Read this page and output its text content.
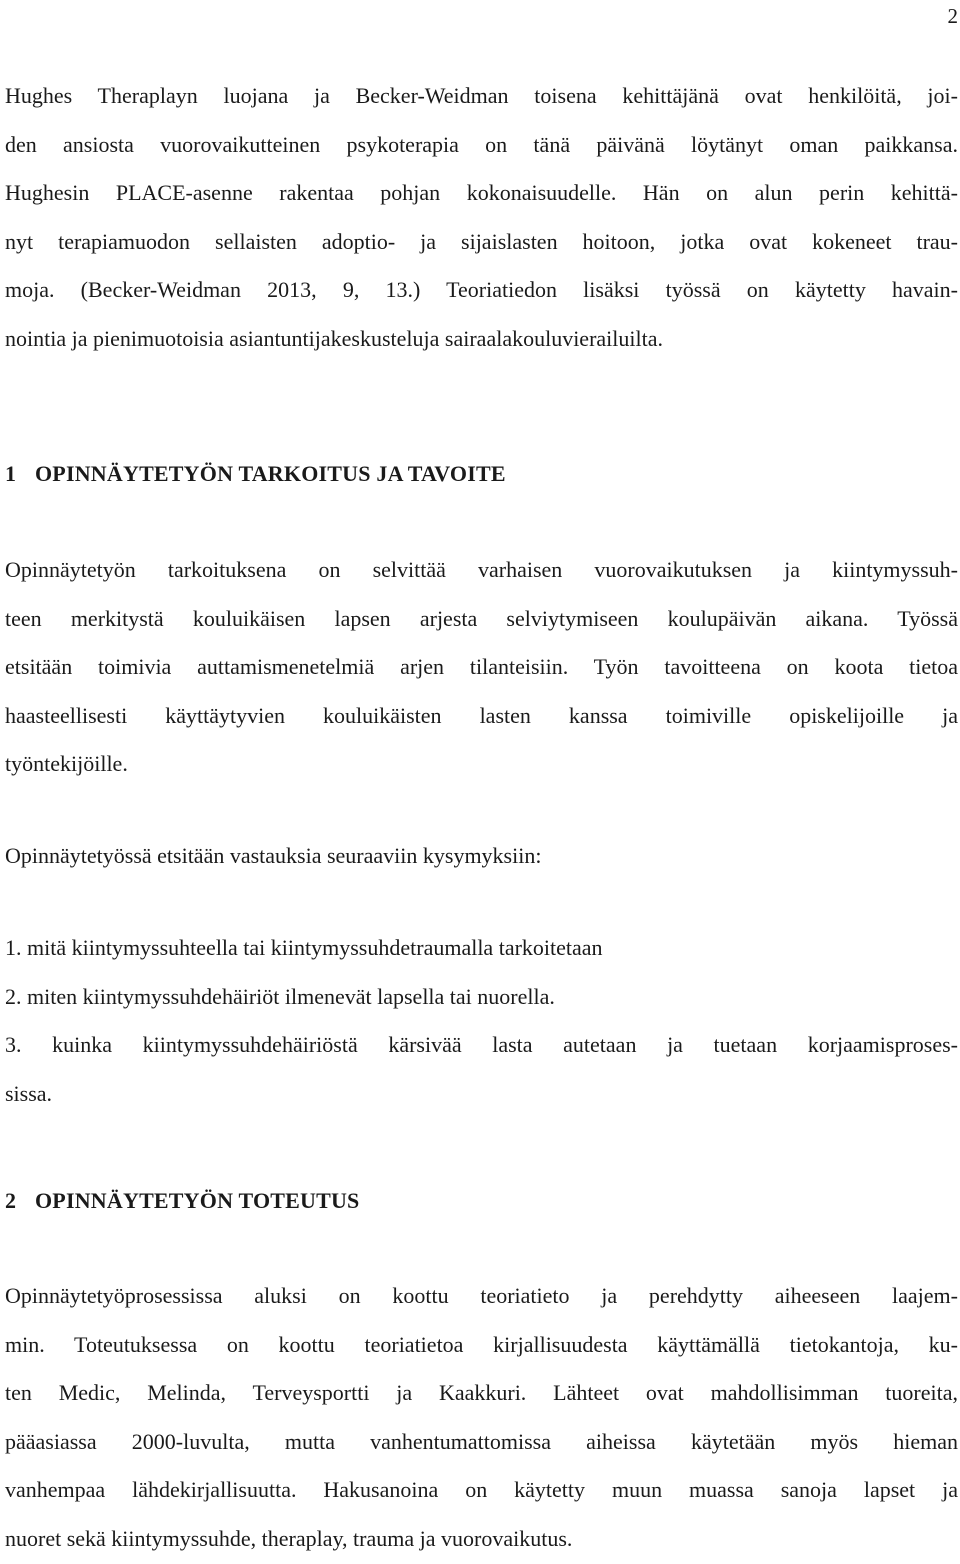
2
Hughes Theraplayn luojana ja Becker-Weidman toisena kehittäjänä ovat henkilöitä, joi-
den ansiosta vuorovaikutteinen psykoterapia on tänä päivänä löytänyt oman paikkansa.
Hughesin PLACE-asenne rakentaa pohjan kokonaisuudelle. Hän on alun perin kehittä-
nyt terapiamuodon sellaisten adoptio- ja sijaislasten hoitoon, jotka ovat kokeneet trau-
moja. (Becker-Weidman 2013, 9, 13.) Teoriatiedon lisäksi työssä on käytetty havain-
nointia ja pienimuotoisia asiantuntijakeskusteluja sairaalakouluvierailuilta.
1 OPINNÄYTETYÖN TARKOITUS JA TAVOITE
Opinnäytetyön tarkoituksena on selvittää varhaisen vuorovaikutuksen ja kiintymyssuh-
teen merkitystä kouluikäisen lapsen arjesta selviytymiseen koulupäivän aikana. Työssä
etsitään toimivia auttamismenetelmiä arjen tilanteisiin. Työn tavoitteena on koota tietoa
haasteellisesti käyttäytyvien kouluikäisten lasten kanssa toimiville opiskelijoille ja
työntekijöille.

Opinnäytetyössä etsitään vastauksia seuraaviin kysymyksiin:

1. mitä kiintymyssuhteella tai kiintymyssuhdetraumalla tarkoitetaan
2. miten kiintymyssuhdehäiriöt ilmenevät lapsella tai nuorella.
3. kuinka kiintymyssuhdehäiriöstä kärsivää lasta autetaan ja tuetaan korjaamisproses-
sissa.
2 OPINNÄYTETYÖN TOTEUTUS
Opinnäytetyöprosessissa aluksi on koottu teoriatieto ja perehdytty aiheeseen laajem-
min. Toteutuksessa on koottu teoriatietoa kirjallisuudesta käyttämällä tietokantoja, ku-
ten Medic, Melinda, Terveysportti ja Kaakkuri. Lähteet ovat mahdollisimman tuoreita,
pääasiassa 2000-luvulta, mutta vanhentumattomissa aiheissa käytetään myös hieman
vanhempaa lähdekirjallisuutta. Hakusanoina on käytetty muun muassa sanoja lapset ja
nuoret sekä kiintymyssuhde, theraplay, trauma ja vuorovaikutus.
